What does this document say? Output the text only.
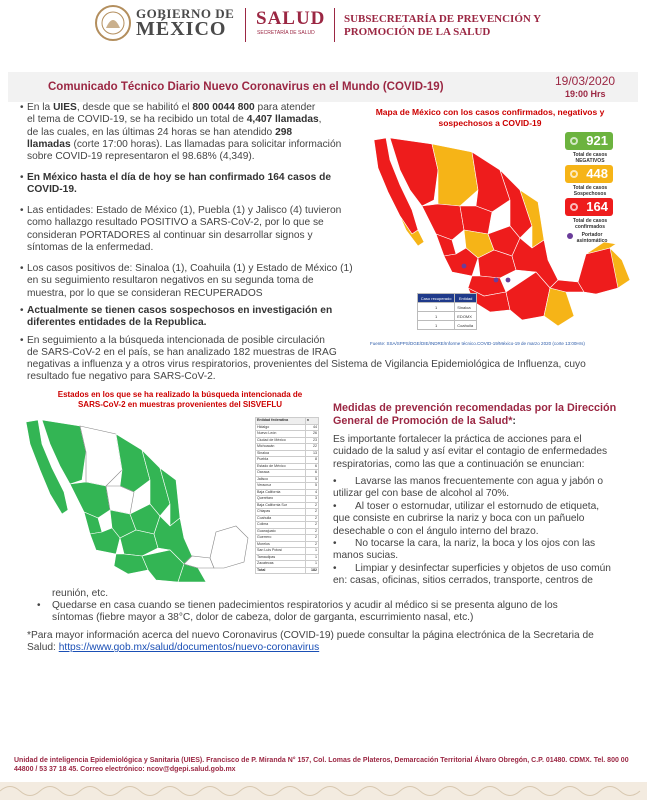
GOBIERNO DE
MÉXICO SALUD
SECRETARÍA DE SALUD
SUBSECRETARÍA DE PREVENCIÓN Y
PROMOCIÓN DE LA SALUD
Comunicado Técnico Diario Nuevo Coronavirus en el Mundo (COVID-19)	19/03/2020
19:00 Hrs
• En la UIES, desde que se habilitó el 800 0044 800 para atender
el tema de COVID-19, se ha recibido un total de 4,407 llamadas,
de las cuales, en las últimas 24 horas se han atendido 298
llamadas (corte 17:00 horas). Las llamadas para solicitar información
sobre COVID-19 representaron el 98.68% (4,349).
• En México hasta el día de hoy se han confirmado 164 casos de
COVID-19.
• Las entidades: Estado de México (1), Puebla (1) y Jalisco (4) tuvieron
como hallazgo resultado POSITIVO a SARS-CoV-2, por lo que se
consideran PORTADORES al continuar sin desarrollar signos y
síntomas de la enfermedad.
• Los casos positivos de: Sinaloa (1), Coahuila (1) y Estado de México (1)
en su seguimiento resultaron negativos en su segunda toma de
muestra, por lo que se consideran RECUPERADOS
• Actualmente se tienen casos sospechosos en investigación en
diferentes entidades de la Republica.
• En seguimiento a la búsqueda intencionada de posible circulación
de SARS-CoV-2 en el país, se han analizado 182 muestras de IRAG
negativas a influenza y a otros virus respiratorios, provenientes del Sistema de Vigilancia Epidemiológica de Influenza, cuyo
resultado fue negativo para SARS-CoV-2.
Mapa de México con los casos confirmados, negativos y
sospechosos a COVID-19
921
Total de casos NEGATIVOS
448
Total de casos Sospechosos
164
Total de casos confirmados
Portador asintomático
Caso recuperado	Entidad
1	Sinaloa
1	EDOMX
1	Coahuila
Fuente: SSA/SPPS/DGE/DIE/INDRE/Informe técnico.COVID-19/México-19 de marzo 2020 (corte 13:00Hrs)
Estados en los que se ha realizado la búsqueda intencionada de
SARS-CoV-2 en muestras provenientes del SISVEFLU
Entidad federativa	n
Hidalgo	44
Nuevo León	26
Ciudad de México	23
Michoacán	22
Sinaloa	13
Puebla	8
Estado de México	6
Oaxaca	6
Jalisco	5
Veracruz	5
Baja California	4
Querétaro	3
Baja California Sur	2
Chiapas	2
Coahuila	2
Colima	2
Guanajuato	2
Guerrero	2
Morelos	2
San Luis Potosí	1
Tamaulipas	1
Zacatecas	1
Total	182
Medidas de prevención recomendadas por la Dirección
General de Promoción de la Salud*:
Es importante fortalecer la práctica de acciones para el
cuidado de la salud y así evitar el contagio de enfermedades
respiratorias, como las que a continuación se enuncian:
•	Lavarse las manos frecuentemente con agua y jabón o
utilizar gel con base de alcohol al 70%.
•	Al toser o estornudar, utilizar el estornudo de etiqueta,
que consiste en cubrirse la nariz y boca con un pañuelo
desechable o con el ángulo interno del brazo.
•	No tocarse la cara, la nariz, la boca y los ojos con las
manos sucias.
•	Limpiar y desinfectar superficies y objetos de uso común
en: casas, oficinas, sitios cerrados, transporte, centros de
reunión, etc.
• Quedarse en casa cuando se tienen padecimientos respiratorios y acudir al médico si se presenta alguno de los
síntomas (fiebre mayor a 38°C, dolor de cabeza, dolor de garganta, escurrimiento nasal, etc.)
*Para mayor información acerca del nuevo Coronavirus (COVID-19) puede consultar la página electrónica de la Secretaria de
Salud: https://www.gob.mx/salud/documentos/nuevo-coronavirus
Unidad de inteligencia Epidemiológica y Sanitaria (UIES). Francisco de P. Miranda N° 157, Col. Lomas de Plateros, Demarcación Territorial Álvaro Obregón, C.P. 01480. CDMX. Tel. 800 00
44800 / 53 37 18 45. Correo electrónico: ncov@dgepi.salud.gob.mx
